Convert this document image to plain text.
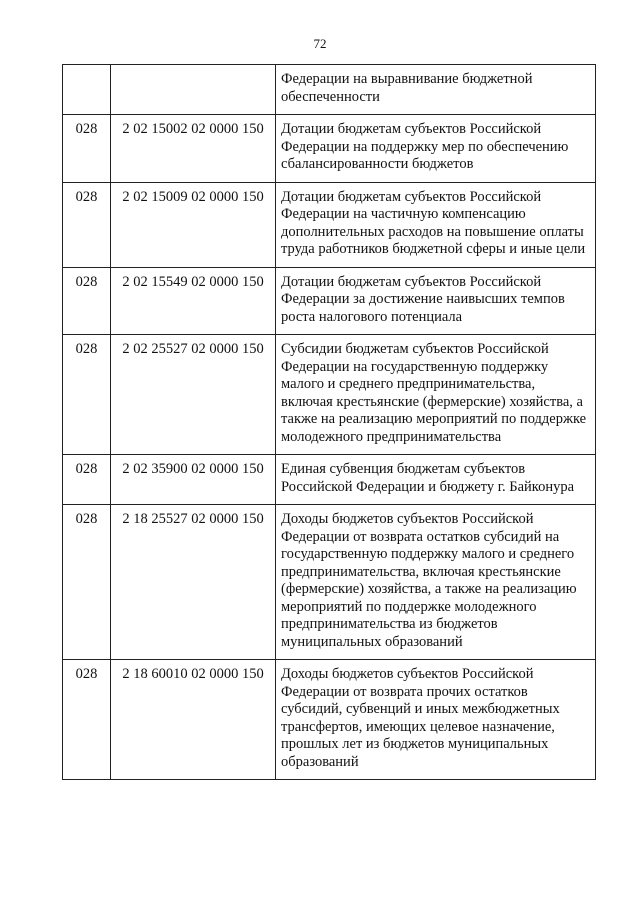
72
		Федерации на выравнивание бюджетной обеспеченности
028	2 02 15002 02 0000 150	Дотации бюджетам субъектов Российской Федерации на поддержку мер по обеспечению сбалансированности бюджетов
028	2 02 15009 02 0000 150	Дотации бюджетам субъектов Российской Федерации на частичную компенсацию дополнительных расходов на повышение оплаты труда работников бюджетной сферы и иные цели
028	2 02 15549 02 0000 150	Дотации бюджетам субъектов Российской Федерации за достижение наивысших темпов роста налогового потенциала
028	2 02 25527 02 0000 150	Субсидии бюджетам субъектов Российской Федерации на государственную поддержку малого и среднего предпринимательства, включая крестьянские (фермерские) хозяйства, а также на реализацию мероприятий по поддержке молодежного предпринимательства
028	2 02 35900 02 0000 150	Единая субвенция бюджетам субъектов Российской Федерации и бюджету г. Байконура
028	2 18 25527 02 0000 150	Доходы бюджетов субъектов Российской Федерации от возврата остатков субсидий на государственную поддержку малого и среднего предпринимательства, включая крестьянские (фермерские) хозяйства, а также на реализацию мероприятий по поддержке молодежного предпринимательства из бюджетов муниципальных образований
028	2 18 60010 02 0000 150	Доходы бюджетов субъектов Российской Федерации от возврата прочих остатков субсидий, субвенций и иных межбюджетных трансфертов, имеющих целевое назначение, прошлых лет из бюджетов муниципальных образований
